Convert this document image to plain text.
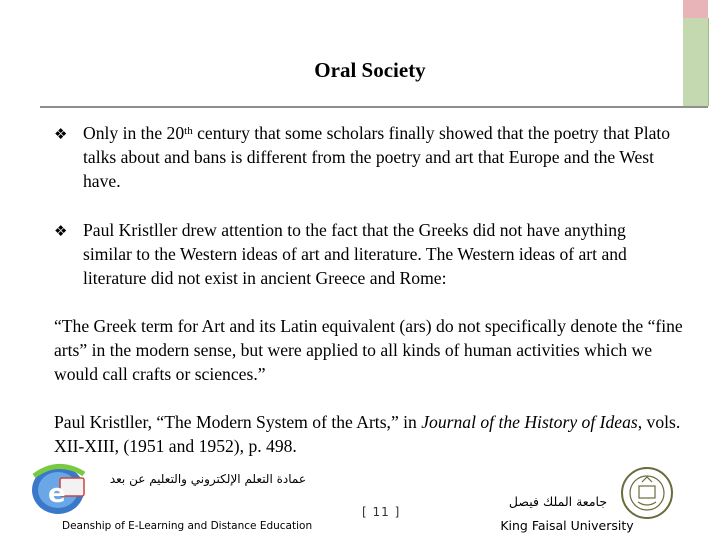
Oral Society
❖ Only in the 20th century that some scholars finally showed that the poetry that Plato talks about and bans is different from the poetry and art that Europe and the West have.
❖ Paul Kristller drew attention to the fact that the Greeks did not have anything similar to the Western ideas of art and literature. The Western ideas of art and literature did not exist in ancient Greece and Rome:
“The Greek term for Art and its Latin equivalent (ars) do not specifically denote the “fine arts” in the modern sense, but were applied to all kinds of human activities which we would call crafts or sciences.”
Paul Kristller, “The Modern System of the Arts,” in Journal of the History of Ideas, vols. XII-XIII, (1951 and 1952), p. 498.
e	عمادة التعلم الإلكتروني والتعليم عن بعد
Deanship of E-Learning and Distance Education
[ 11 ]
جامعة الملك فيصل
King Faisal University
